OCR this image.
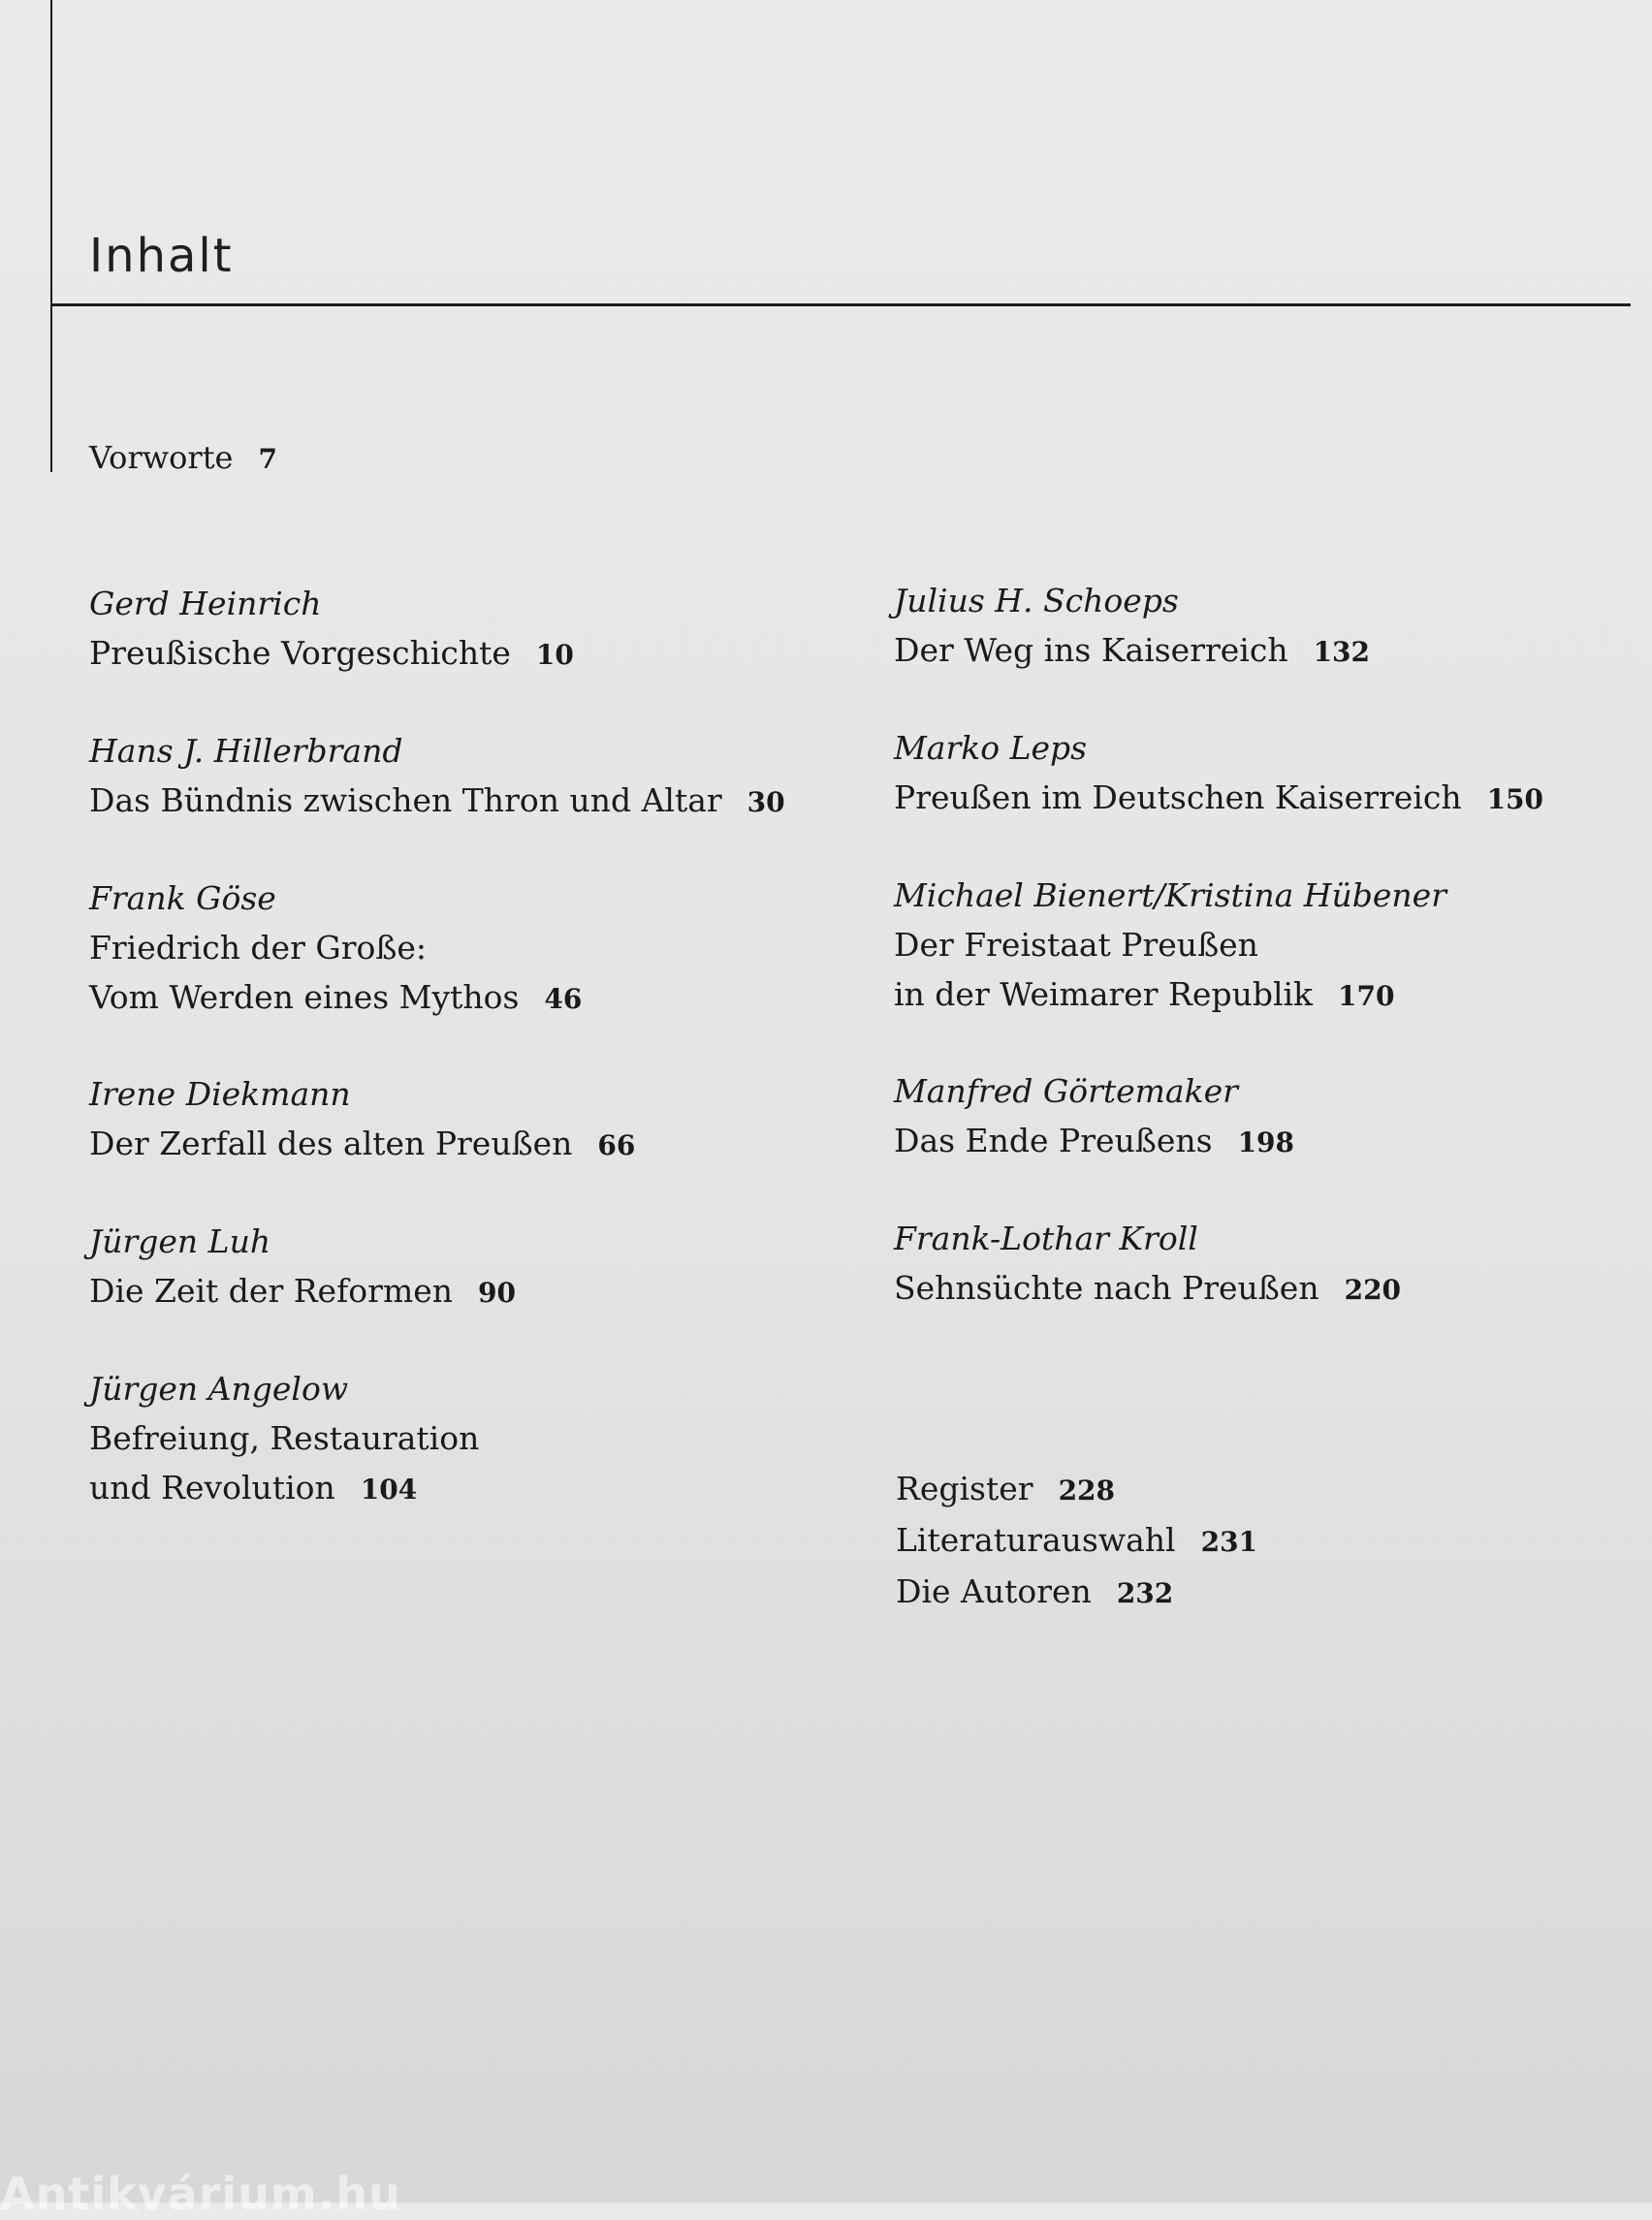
Inhalt
Vorworte 7
Gerd Heinrich
Preußische Vorgeschichte 10
Hans J. Hillerbrand
Das Bündnis zwischen Thron und Altar 30
Frank Göse
Friedrich der Große:
Vom Werden eines Mythos 46
Irene Diekmann
Der Zerfall des alten Preußen 66
Jürgen Luh
Die Zeit der Reformen 90
Jürgen Angelow
Befreiung, Restauration
und Revolution 104
Julius H. Schoeps
Der Weg ins Kaiserreich 132
Marko Leps
Preußen im Deutschen Kaiserreich 150
Michael Bienert/Kristina Hübener
Der Freistaat Preußen
in der Weimarer Republik 170
Manfred Görtemaker
Das Ende Preußens 198
Frank-Lothar Kroll
Sehnsüchte nach Preußen 220
Register 228
Literaturauswahl 231
Die Autoren 232
Antikvárium.hu
